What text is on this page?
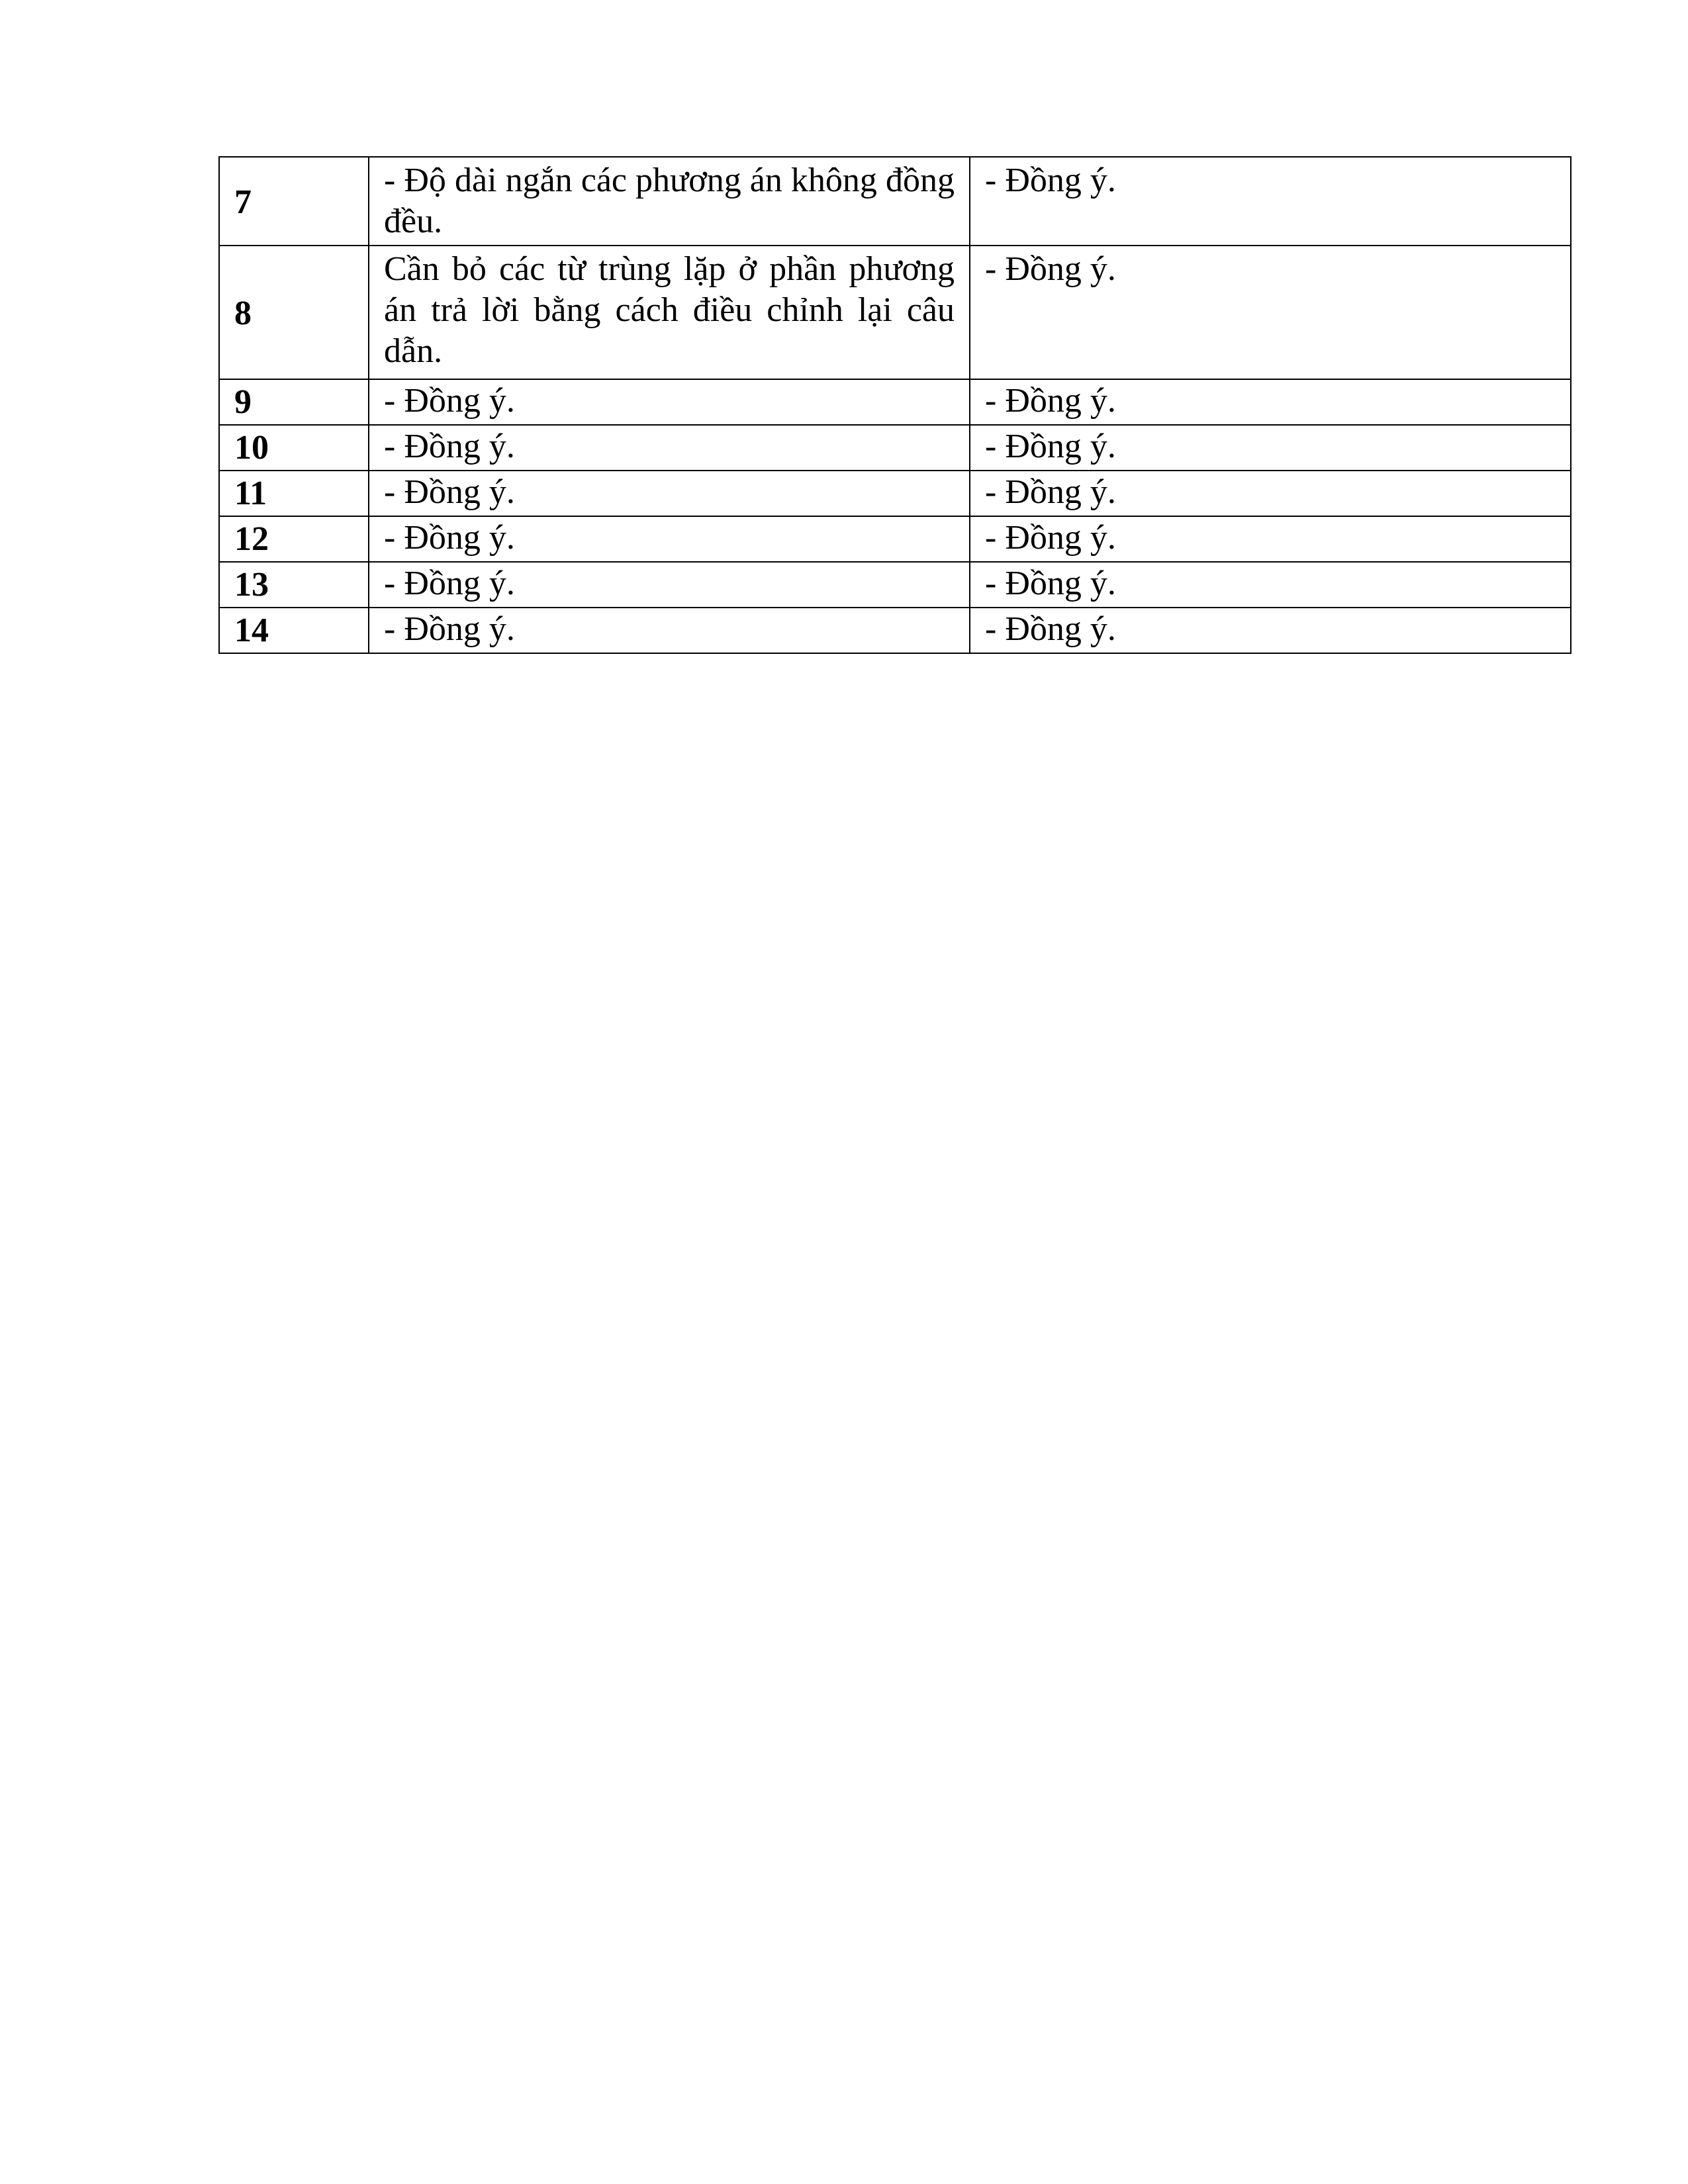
7	- Độ dài ngắn các phương án không đồng đều.	- Đồng ý.
8	Cần bỏ các từ trùng lặp ở phần phương án trả lời bằng cách điều chỉnh lại câu dẫn.	- Đồng ý.
9	- Đồng ý.	- Đồng ý.
10	- Đồng ý.	- Đồng ý.
11	- Đồng ý.	- Đồng ý.
12	- Đồng ý.	- Đồng ý.
13	- Đồng ý.	- Đồng ý.
14	- Đồng ý.	- Đồng ý.
